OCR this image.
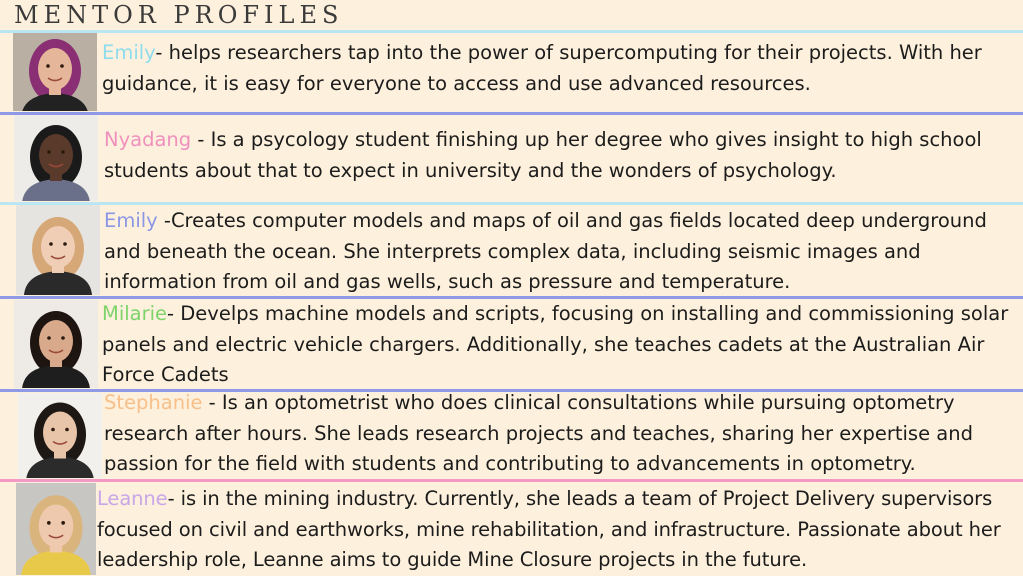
MENTOR PROFILES
Emily- helps researchers tap into the power of supercomputing for their projects. With her guidance, it is easy for everyone to access and use advanced resources.
Nyadang - Is a psycology student finishing up her degree who gives insight to high school students about that to expect in university and the wonders of psychology.
Emily -Creates computer models and maps of oil and gas fields located deep underground and beneath the ocean. She interprets complex data, including seismic images and information from oil and gas wells, such as pressure and temperature.
Milarie- Develps machine models and scripts, focusing on installing and commissioning solar panels and electric vehicle chargers. Additionally, she teaches cadets at the Australian Air Force Cadets
Stephanie - Is an optometrist who does clinical consultations while pursuing optometry research after hours. She leads research projects and teaches, sharing her expertise and passion for the field with students and contributing to advancements in optometry.
Leanne- is in the mining industry. Currently, she leads a team of Project Delivery supervisors focused on civil and earthworks, mine rehabilitation, and infrastructure. Passionate about her leadership role, Leanne aims to guide Mine Closure projects in the future.
